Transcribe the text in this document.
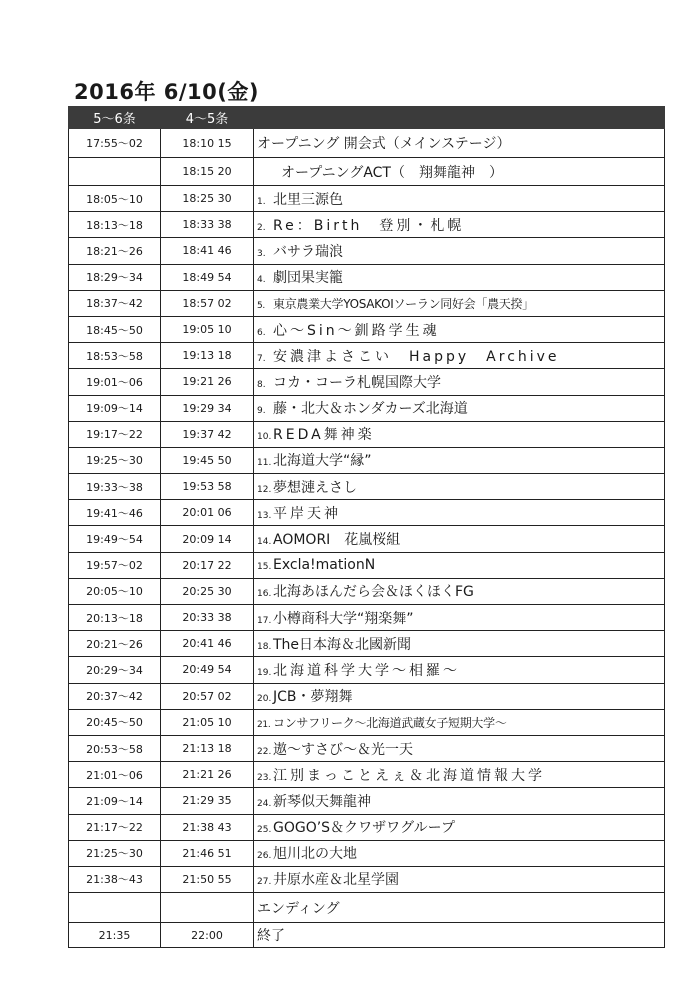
2016年 6/10(金)
5～6条	4～5条	
17:55～02	18:10​ 15	オープニング 開会式（メインステージ）
	18:15​ 20	オープニングACT（　翔舞龍神　）
18:05～10	18:25​ 30	1. 北里三源色
18:13～18	18:33​ 38	2. Re：Birth　登別・札幌
18:21～26	18:41​ 46	3. バサラ瑞浪
18:29～34	18:49​ 54	4. 劇団果実籠
18:37～42	18:57​ 02	5. 東京農業大学YOSAKOIソーラン同好会「農天揆」
18:45～50	19:05​ 10	6. 心～Sin～釧路学生魂
18:53～58	19:13​ 18	7. 安濃津よさこい　Happy　Archive
19:01～06	19:21​ 26	8. コカ・コーラ札幌国際大学
19:09～14	19:29​ 34	9. 藤・北大＆ホンダカーズ北海道
19:17～22	19:37​ 42	10. REDA舞神楽
19:25～30	19:45​ 50	11. 北海道大学“縁”
19:33～38	19:53​ 58	12. 夢想漣えさし
19:41～46	20:01​ 06	13. 平岸天神
19:49～54	20:09​ 14	14. AOMORI　花嵐桜組
19:57～02	20:17​ 22	15. Excla!mationN
20:05～10	20:25​ 30	16. 北海あほんだら会＆ほくほくFG
20:13～18	20:33​ 38	17. 小樽商科大学“翔楽舞”
20:21～26	20:41​ 46	18. The日本海＆北國新聞
20:29～34	20:49​ 54	19. 北海道科学大学～相羅～
20:37～42	20:57​ 02	20. JCB・夢翔舞
20:45～50	21:05​ 10	21. コンサフリーク～北海道武蔵女子短期大学～
20:53～58	21:13​ 18	22. 遨～すさび～＆光一天
21:01～06	21:21​ 26	23. 江別まっことえぇ＆北海道情報大学
21:09～14	21:29​ 35	24. 新琴似天舞龍神
21:17～22	21:38​ 43	25. GOGO’S＆クワザワグループ
21:25～30	21:46​ 51	26. 旭川北の大地
21:38～43	21:50​ 55	27. 井原水産＆北星学園
		エンディング
21:35	22:00	終了
